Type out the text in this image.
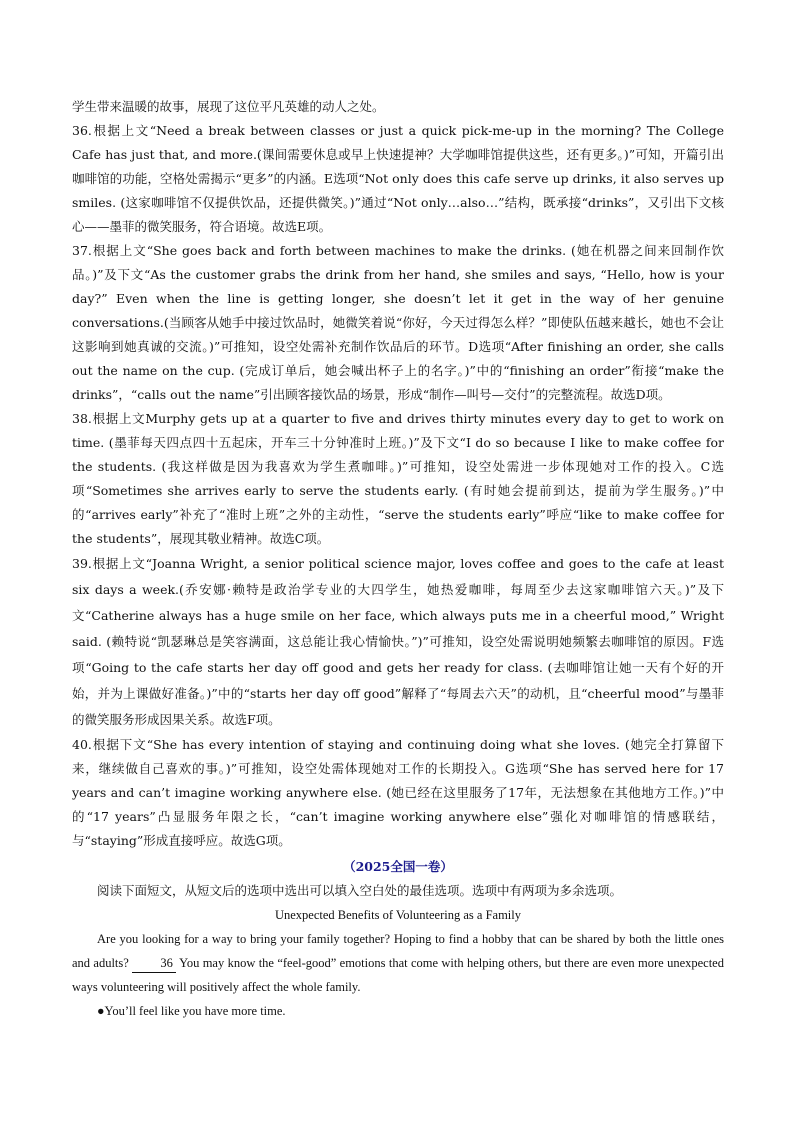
学生带来温暖的故事，展现了这位平凡英雄的动人之处。

36.根据上文“Need a break between classes or just a quick pick-me-up in the morning? The College Cafe has just that, and more.(课间需要休息或早上快速提神？大学咖啡馆提供这些，还有更多。)”可知，开篇引出咖啡馆的功能，空格处需揭示“更多”的内涵。E选项“Not only does this cafe serve up drinks, it also serves up smiles. (这家咖啡馆不仅提供饮品，还提供微笑。)”通过“Not only…also…”结构，既承接“drinks”，又引出下文核心——墨菲的微笑服务，符合语境。故选E项。

37.根据上文“She goes back and forth between machines to make the drinks. (她在机器之间来回制作饮品。)”及下文“As the customer grabs the drink from her hand, she smiles and says, “Hello, how is your day?” Even when the line is getting longer, she doesn’t let it get in the way of her genuine conversations.(当顾客从她手中接过饮品时，她微笑着说“你好，今天过得怎么样？”即使队伍越来越长，她也不会让这影响到她真诚的交流。)”可推知，设空处需补充制作饮品后的环节。D选项“After finishing an order, she calls out the name on the cup. (完成订单后，她会喊出杯子上的名字。)”中的“finishing an order”衔接“make the drinks”，“calls out the name”引出顾客接饮品的场景，形成“制作—叫号—交付”的完整流程。故选D项。

38.根据上文Murphy gets up at a quarter to five and drives thirty minutes every day to get to work on time. (墨菲每天四点四十五起床，开车三十分钟准时上班。)”及下文“I do so because I like to make coffee for the students. (我这样做是因为我喜欢为学生煮咖啡。)”可推知，设空处需进一步体现她对工作的投入。C选项“Sometimes she arrives early to serve the students early. (有时她会提前到达，提前为学生服务。)”中的“arrives early”补充了“准时上班”之外的主动性，“serve the students early”呼应“like to make coffee for the students”，展现其敬业精神。故选C项。

39.根据上文“Joanna Wright, a senior political science major, loves coffee and goes to the cafe at least six days a week.(乔安娜·赖特是政治学专业的大四学生，她热爱咖啡，每周至少去这家咖啡馆六天。)”及下文“Catherine always has a huge smile on her face, which always puts me in a cheerful mood,” Wright said. (赖特说“凯瑟琳总是笑容满面，这总能让我心情愉快。”)”可推知，设空处需说明她频繁去咖啡馆的原因。F选项“Going to the cafe starts her day off good and gets her ready for class. (去咖啡馆让她一天有个好的开始，并为上课做好准备。)”中的“starts her day off good”解释了“每周去六天”的动机，且“cheerful mood”与墨菲的微笑服务形成因果关系。故选F项。

40.根据下文“She has every intention of staying and continuing doing what she loves. (她完全打算留下来，继续做自己喜欢的事。)”可推知，设空处需体现她对工作的长期投入。G选项“She has served here for 17 years and can’t imagine working anywhere else. (她已经在这里服务了17年，无法想象在其他地方工作。)”中的“17 years”凸显服务年限之长，“can’t imagine working anywhere else”强化对咖啡馆的情感联结，与“staying”形成直接呼应。故选G项。

（2025全国一卷）

阅读下面短文，从短文后的选项中选出可以填入空白处的最佳选项。选项中有两项为多余选项。

Unexpected Benefits of Volunteering as a Family

Are you looking for a way to bring your family together? Hoping to find a hobby that can be shared by both the little ones and adults?	36 You may know the “feel-good” emotions that come with helping others, but there are even more unexpected ways volunteering will positively affect the whole family.

●You’ll feel like you have more time.
